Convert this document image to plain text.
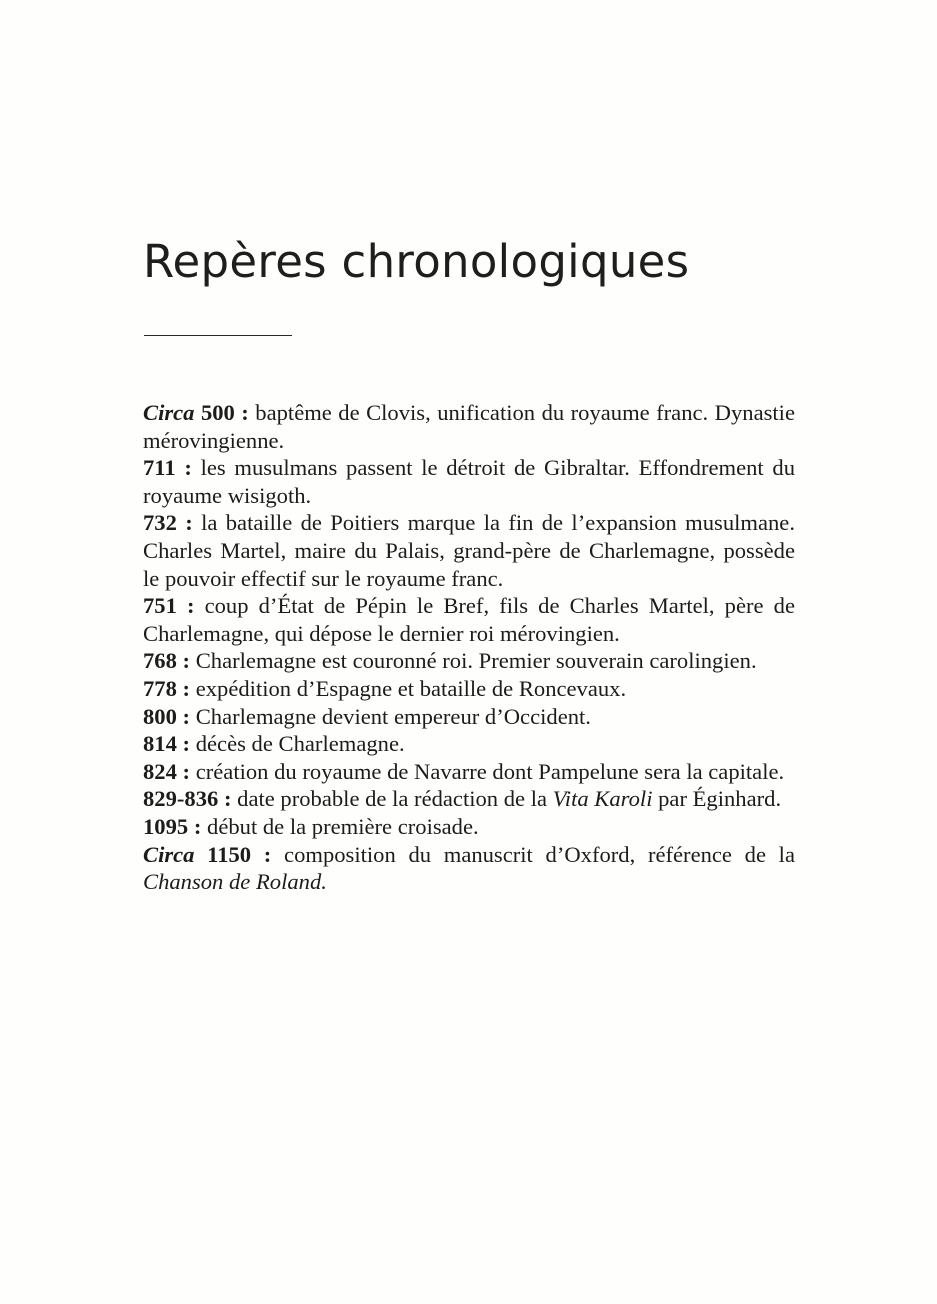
Repères chronologiques

Circa 500 : baptême de Clovis, unification du royaume franc. Dynastie mérovingienne.

711 : les musulmans passent le détroit de Gibraltar. Effondrement du royaume wisigoth.

732 : la bataille de Poitiers marque la fin de l’expansion musulmane. Charles Martel, maire du Palais, grand-père de Charlemagne, possède le pouvoir effectif sur le royaume franc.

751 : coup d’État de Pépin le Bref, fils de Charles Martel, père de Charlemagne, qui dépose le dernier roi mérovingien.

768 : Charlemagne est couronné roi. Premier souverain carolingien.

778 : expédition d’Espagne et bataille de Roncevaux.

800 : Charlemagne devient empereur d’Occident.

814 : décès de Charlemagne.

824 : création du royaume de Navarre dont Pampelune sera la capitale.

829-836 : date probable de la rédaction de la Vita Karoli par Éginhard.

1095 : début de la première croisade.

Circa 1150 : composition du manuscrit d’Oxford, référence de la Chanson de Roland.
